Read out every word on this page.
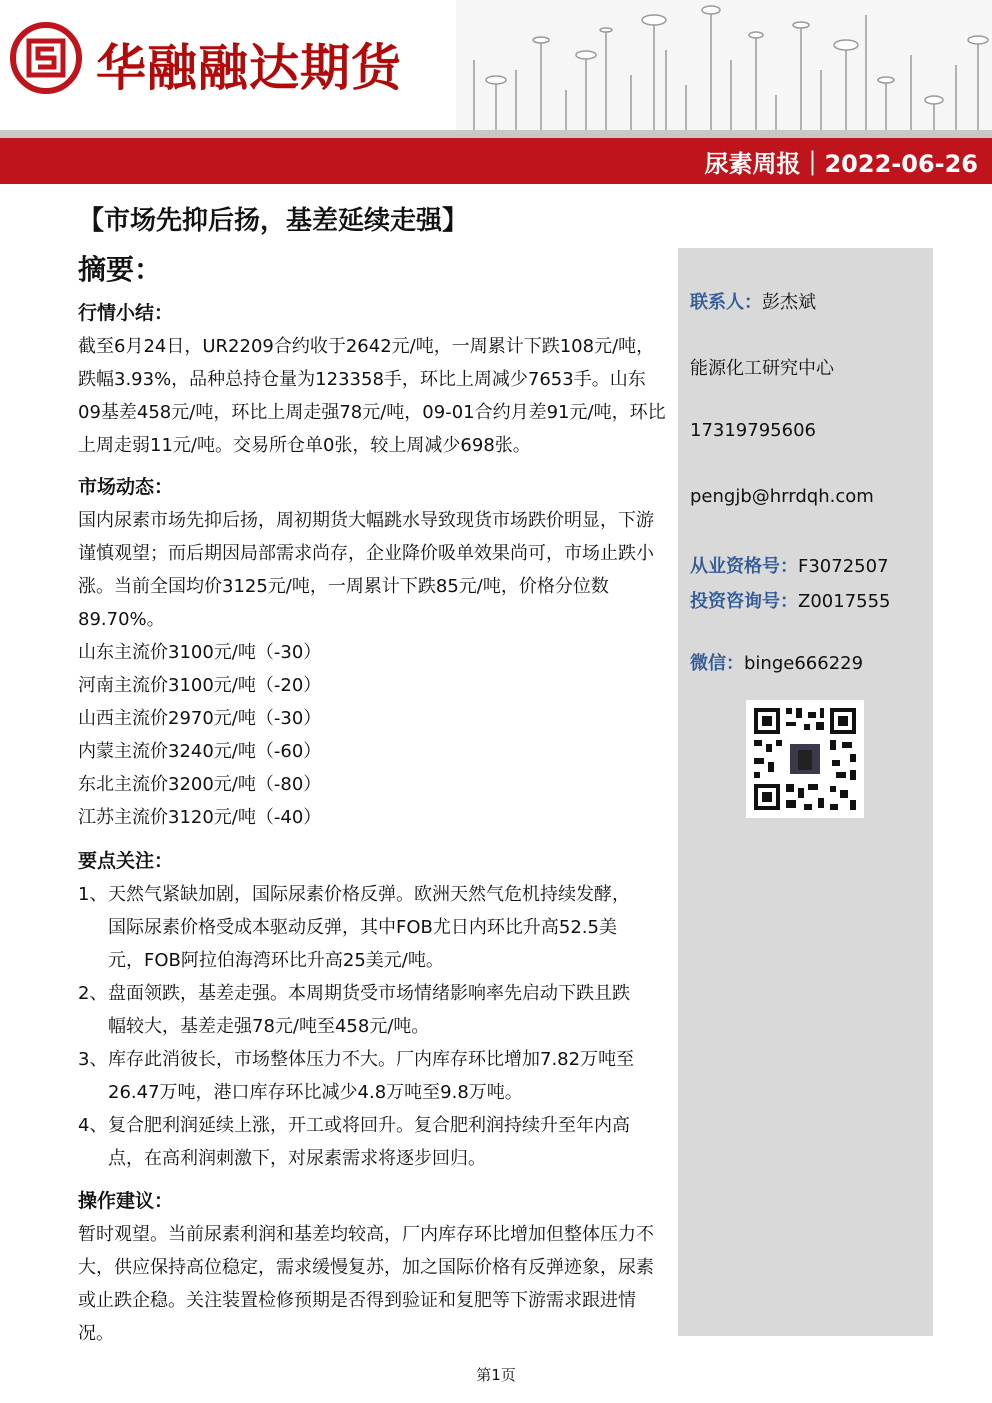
华融融达期货
尿素周报｜2022-06-26
【市场先抑后扬，基差延续走强】
摘要：

行情小结：

截至6月24日，UR2209合约收于2642元/吨，一周累计下跌108元/吨，跌幅3.93%，品种总持仓量为123358手，环比上周减少7653手。山东09基差458元/吨，环比上周走强78元/吨，09-01合约月差91元/吨，环比上周走弱11元/吨。交易所仓单0张，较上周减少698张。

市场动态：

国内尿素市场先抑后扬，周初期货大幅跳水导致现货市场跌价明显，下游谨慎观望；而后期因局部需求尚存，企业降价吸单效果尚可，市场止跌小涨。当前全国均价3125元/吨，一周累计下跌85元/吨，价格分位数89.70%。

山东主流价3100元/吨（-30）
河南主流价3100元/吨（-20）
山西主流价2970元/吨（-30）
内蒙主流价3240元/吨（-60）
东北主流价3200元/吨（-80）
江苏主流价3120元/吨（-40）

要点关注：

1、天然气紧缺加剧，国际尿素价格反弹。欧洲天然气危机持续发酵，
国际尿素价格受成本驱动反弹，其中FOB尤日内环比升高52.5美
元，FOB阿拉伯海湾环比升高25美元/吨。
2、盘面领跌，基差走强。本周期货受市场情绪影响率先启动下跌且跌
幅较大，基差走强78元/吨至458元/吨。
3、库存此消彼长，市场整体压力不大。厂内库存环比增加7.82万吨至
26.47万吨，港口库存环比减少4.8万吨至9.8万吨。
4、复合肥利润延续上涨，开工或将回升。复合肥利润持续升至年内高
点，在高利润刺激下，对尿素需求将逐步回归。

操作建议：

暂时观望。当前尿素利润和基差均较高，厂内库存环比增加但整体压力不大，供应保持高位稳定，需求缓慢复苏，加之国际价格有反弹迹象，尿素或止跌企稳。关注装置检修预期是否得到验证和复肥等下游需求跟进情况。

联系人：彭杰斌
能源化工研究中心
17319795606
pengjb@hrrdqh.com
从业资格号：F3072507
投资咨询号：Z0017555
微信：binge666229
第1页
